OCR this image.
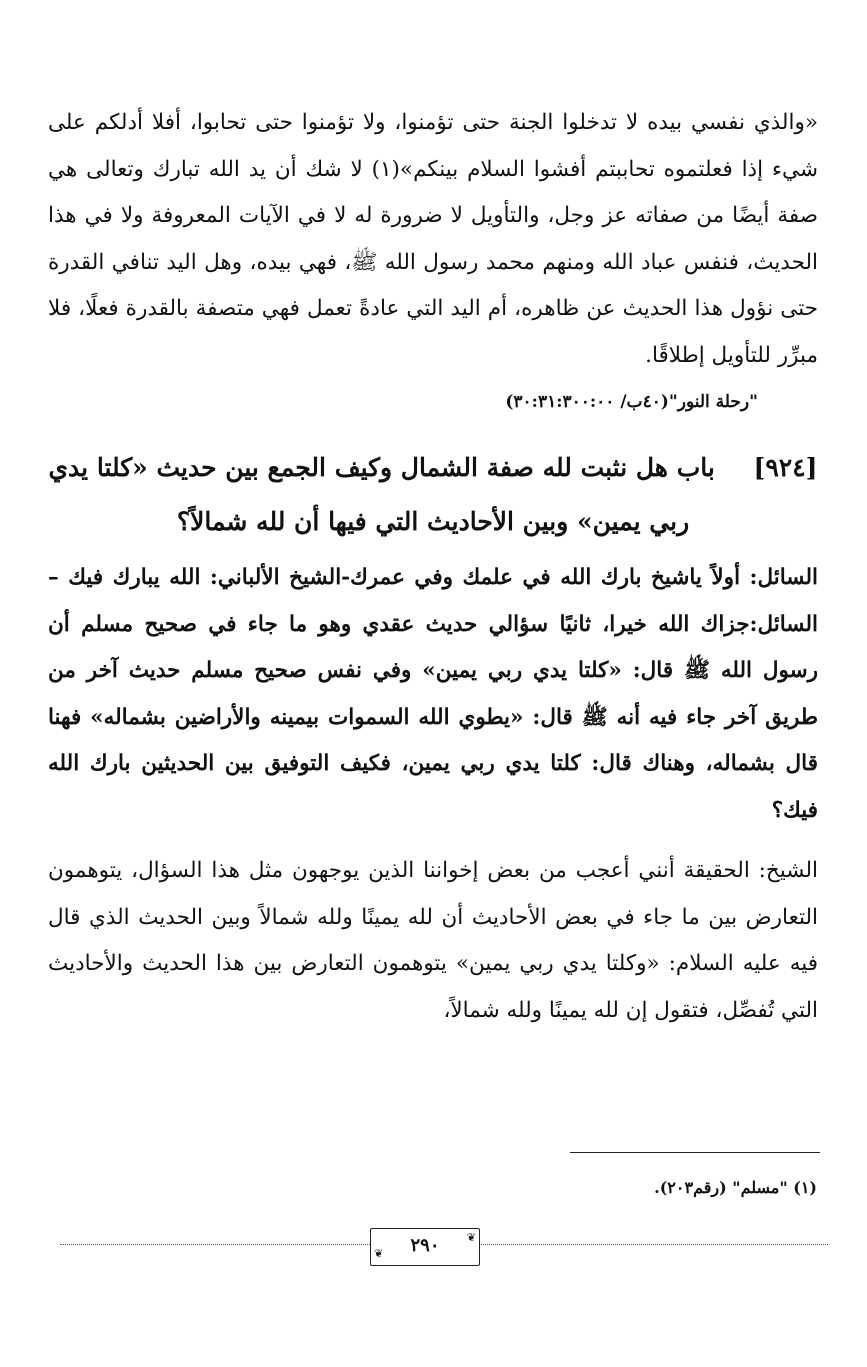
«والذي نفسي بيده لا تدخلوا الجنة حتى تؤمنوا، ولا تؤمنوا حتى تحابوا، أفلا أدلكم على شيء إذا فعلتموه تحاببتم أفشوا السلام بينكم»(١) لا شك أن يد الله تبارك وتعالى هي صفة أيضًا من صفاته عز وجل، والتأويل لا ضرورة له لا في الآيات المعروفة ولا في هذا الحديث، فنفس عباد الله ومنهم محمد رسول الله ﷺ، فهي بيده، وهل اليد تنافي القدرة حتى نؤول هذا الحديث عن ظاهره، أم اليد التي عادةً تعمل فهي متصفة بالقدرة فعلًا، فلا مبرِّر للتأويل إطلاقًا.

"رحلة النور"(٤٠ب/ ٣٠:٣١:٣٠٠:٠٠)

[٩٢٤] باب هل نثبت لله صفة الشمال وكيف الجمع بين حديث «كلتا يدي ربي يمين» وبين الأحاديث التي فيها أن لله شمالاً؟

السائل: أولاً ياشيخ بارك الله في علمك وفي عمرك-الشيخ الألباني: الله يبارك فيك – السائل:جزاك الله خيرا، ثانيًا سؤالي حديث عقدي وهو ما جاء في صحيح مسلم أن رسول الله ﷺ قال: «كلتا يدي ربي يمين» وفي نفس صحيح مسلم حديث آخر من طريق آخر جاء فيه أنه ﷺ قال: «يطوي الله السموات بيمينه والأراضين بشماله» فهنا قال بشماله، وهناك قال: كلتا يدي ربي يمين، فكيف التوفيق بين الحديثين بارك الله فيك؟

الشيخ: الحقيقة أنني أعجب من بعض إخواننا الذين يوجهون مثل هذا السؤال، يتوهمون التعارض بين ما جاء في بعض الأحاديث أن لله يمينًا ولله شمالاً وبين الحديث الذي قال فيه عليه السلام: «وكلتا يدي ربي يمين» يتوهمون التعارض بين هذا الحديث والأحاديث التي تُفصِّل، فتقول إن لله يمينًا ولله شمالاً،

(١) "مسلم" (رقم٢٠٣).
❦
❦	٢٩٠
